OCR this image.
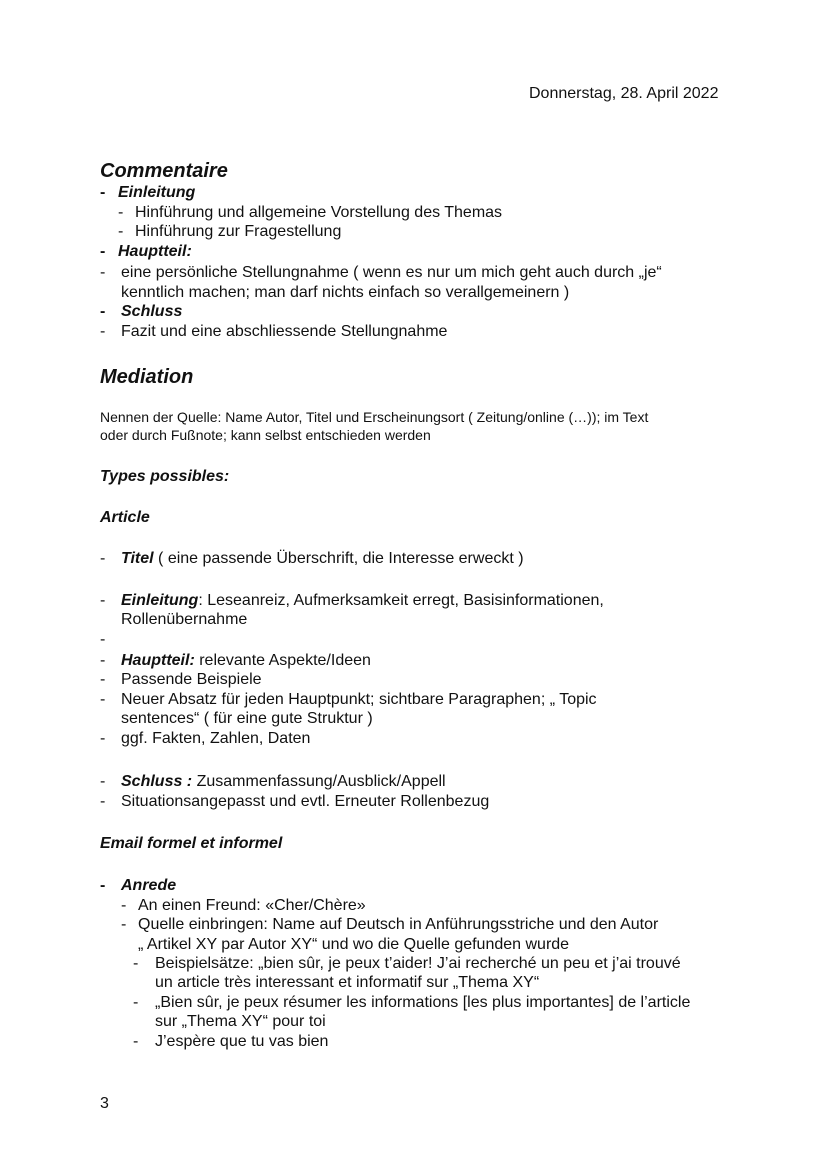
Donnerstag, 28. April 2022
Commentaire
- Einleitung
- Hinführung und allgemeine Vorstellung des Themas
- Hinführung zur Fragestellung
- Hauptteil:
- eine persönliche Stellungnahme ( wenn es nur um mich geht auch durch „je“
kenntlich machen; man darf nichts einfach so verallgemeinern )
- Schluss
- Fazit und eine abschliessende Stellungnahme
Mediation
Nennen der Quelle: Name Autor, Titel und Erscheinungsort ( Zeitung/online (…)); im Text
oder durch Fußnote; kann selbst entschieden werden
Types possibles:
Article
- Titel ( eine passende Überschrift, die Interesse erweckt )
- Einleitung: Leseanreiz, Aufmerksamkeit erregt, Basisinformationen,
Rollenübernahme
-
- Hauptteil: relevante Aspekte/Ideen
- Passende Beispiele
- Neuer Absatz für jeden Hauptpunkt; sichtbare Paragraphen; „ Topic
sentences“ ( für eine gute Struktur )
- ggf. Fakten, Zahlen, Daten
- Schluss : Zusammenfassung/Ausblick/Appell
- Situationsangepasst und evtl. Erneuter Rollenbezug
Email formel et informel
- Anrede
- An einen Freund: «Cher/Chère»
- Quelle einbringen: Name auf Deutsch in Anführungsstriche und den Autor
„ Artikel XY par Autor XY“ und wo die Quelle gefunden wurde
- Beispielsätze: „bien sûr, je peux t’aider! J’ai recherché un peu et j’ai trouvé
un article très interessant et informatif sur „Thema XY“
- „Bien sûr, je peux résumer les informations [les plus importantes] de l’article
sur „Thema XY“ pour toi
- J’espère que tu vas bien
3
